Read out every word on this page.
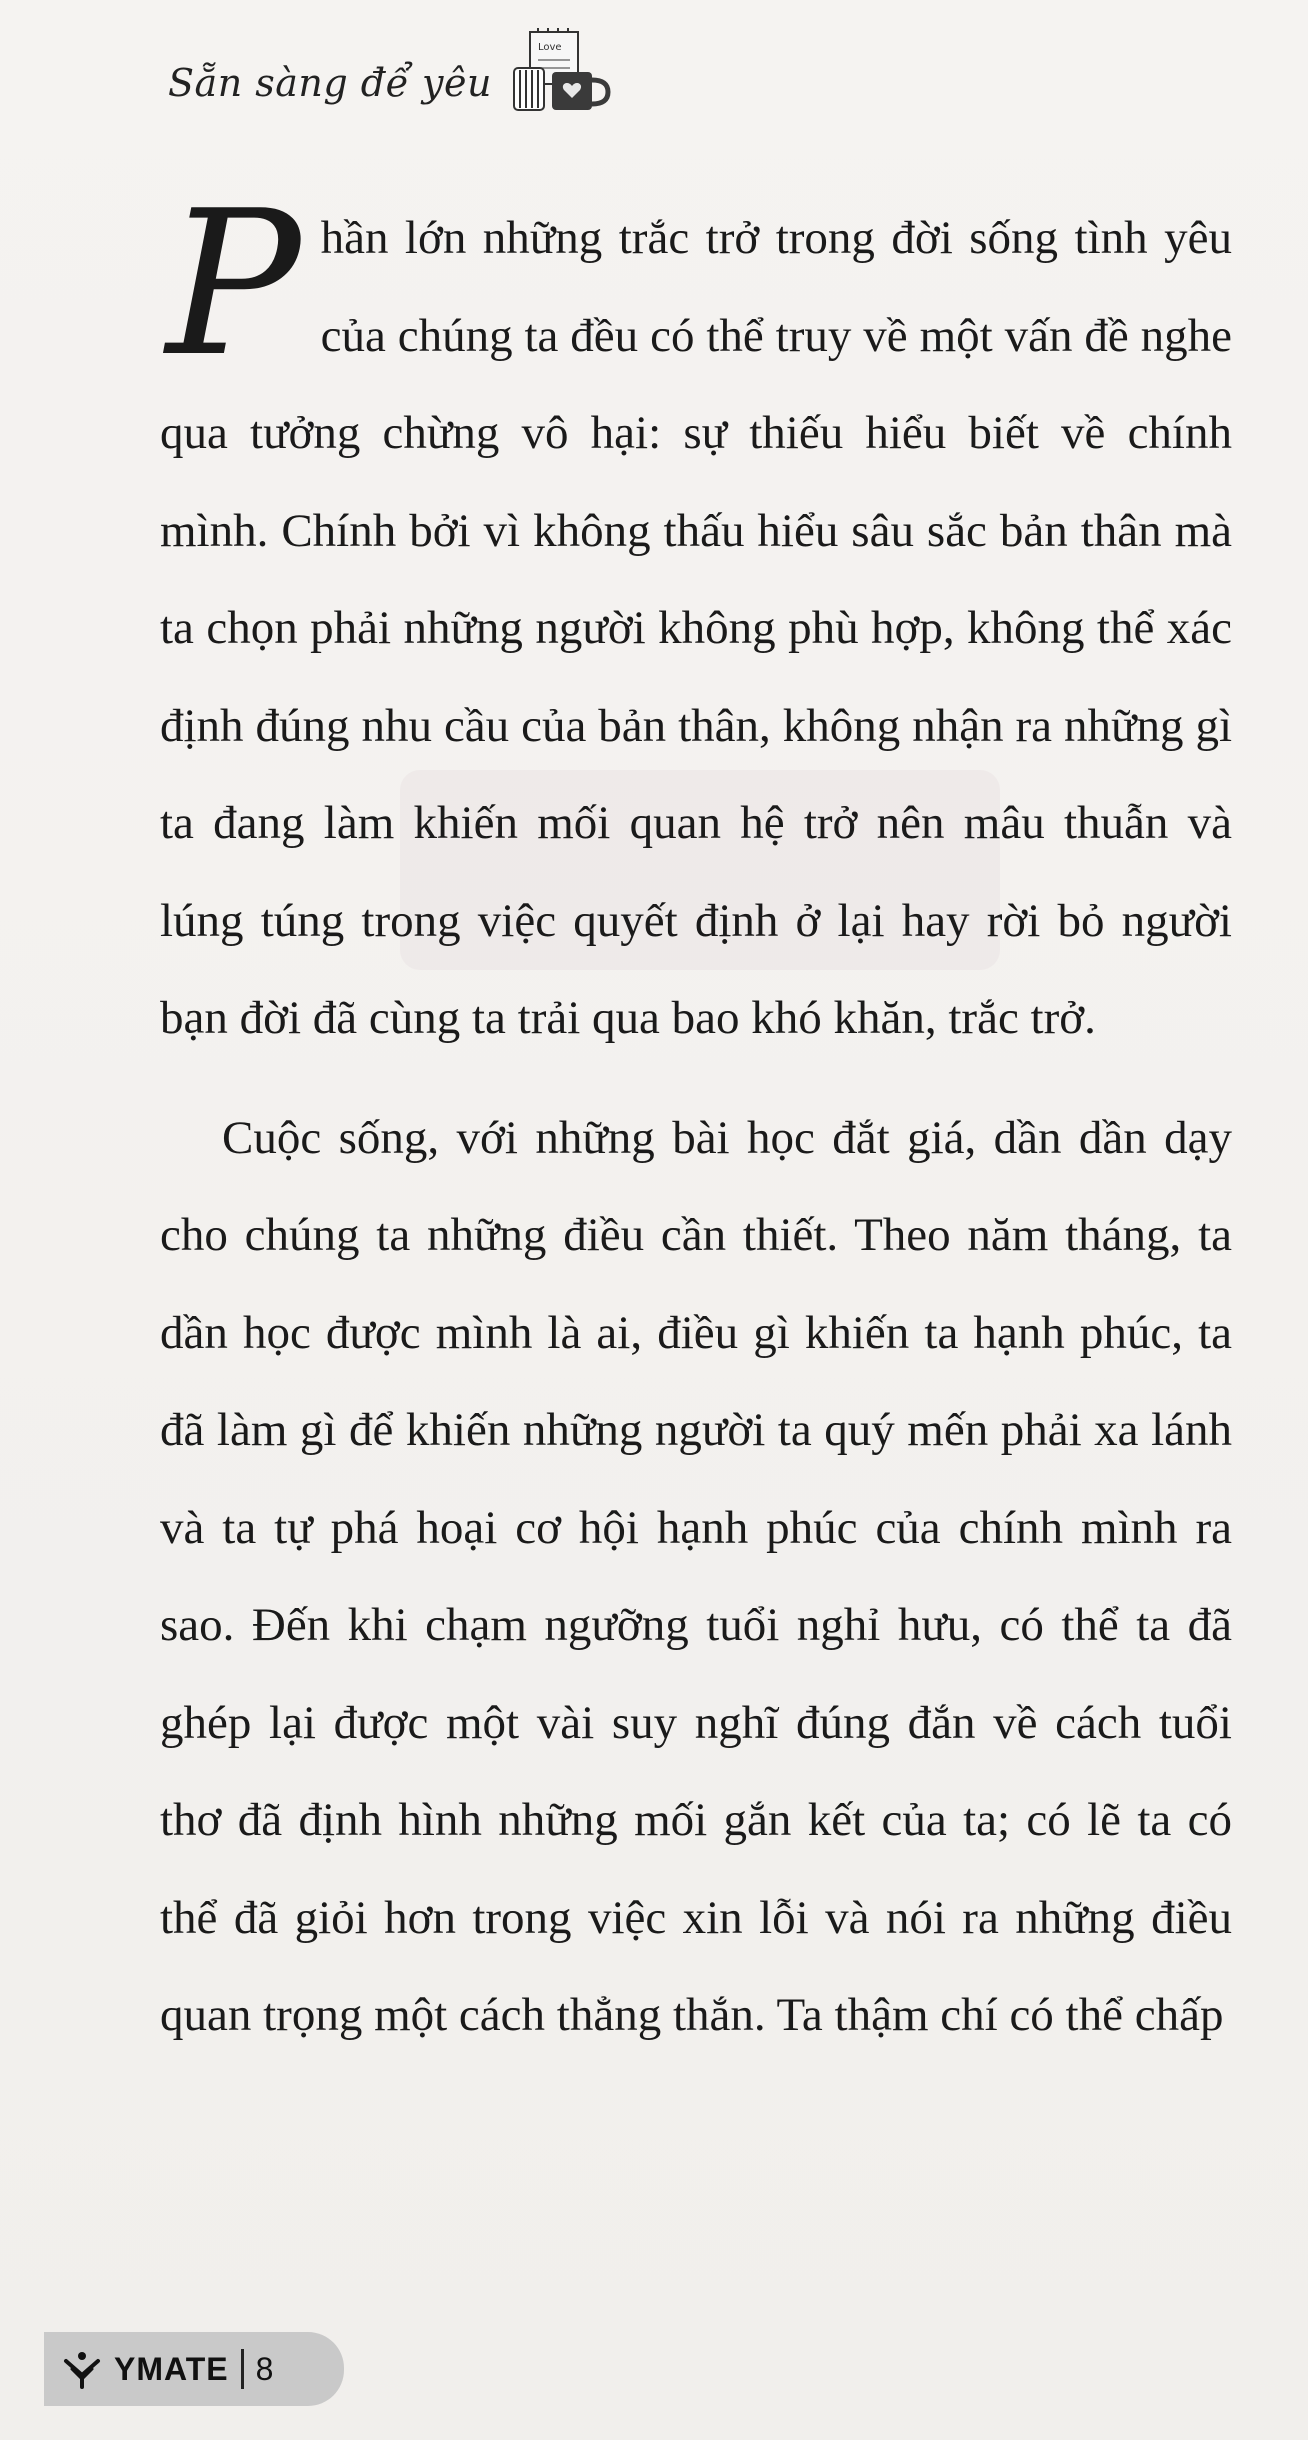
Sẵn sàng để yêu
Love

P hần lớn những trắc trở trong đời sống tình yêu của chúng ta đều có thể truy về một vấn đề nghe qua tưởng chừng vô hại: sự thiếu hiểu biết về chính mình. Chính bởi vì không thấu hiểu sâu sắc bản thân mà ta chọn phải những người không phù hợp, không thể xác định đúng nhu cầu của bản thân, không nhận ra những gì ta đang làm khiến mối quan hệ trở nên mâu thuẫn và lúng túng trong việc quyết định ở lại hay rời bỏ người bạn đời đã cùng ta trải qua bao khó khăn, trắc trở.

Cuộc sống, với những bài học đắt giá, dần dần dạy cho chúng ta những điều cần thiết. Theo năm tháng, ta dần học được mình là ai, điều gì khiến ta hạnh phúc, ta đã làm gì để khiến những người ta quý mến phải xa lánh và ta tự phá hoại cơ hội hạnh phúc của chính mình ra sao. Đến khi chạm ngưỡng tuổi nghỉ hưu, có thể ta đã ghép lại được một vài suy nghĩ đúng đắn về cách tuổi thơ đã định hình những mối gắn kết của ta; có lẽ ta có thể đã giỏi hơn trong việc xin lỗi và nói ra những điều quan trọng một cách thẳng thắn. Ta thậm chí có thể chấp

YMATE 8
